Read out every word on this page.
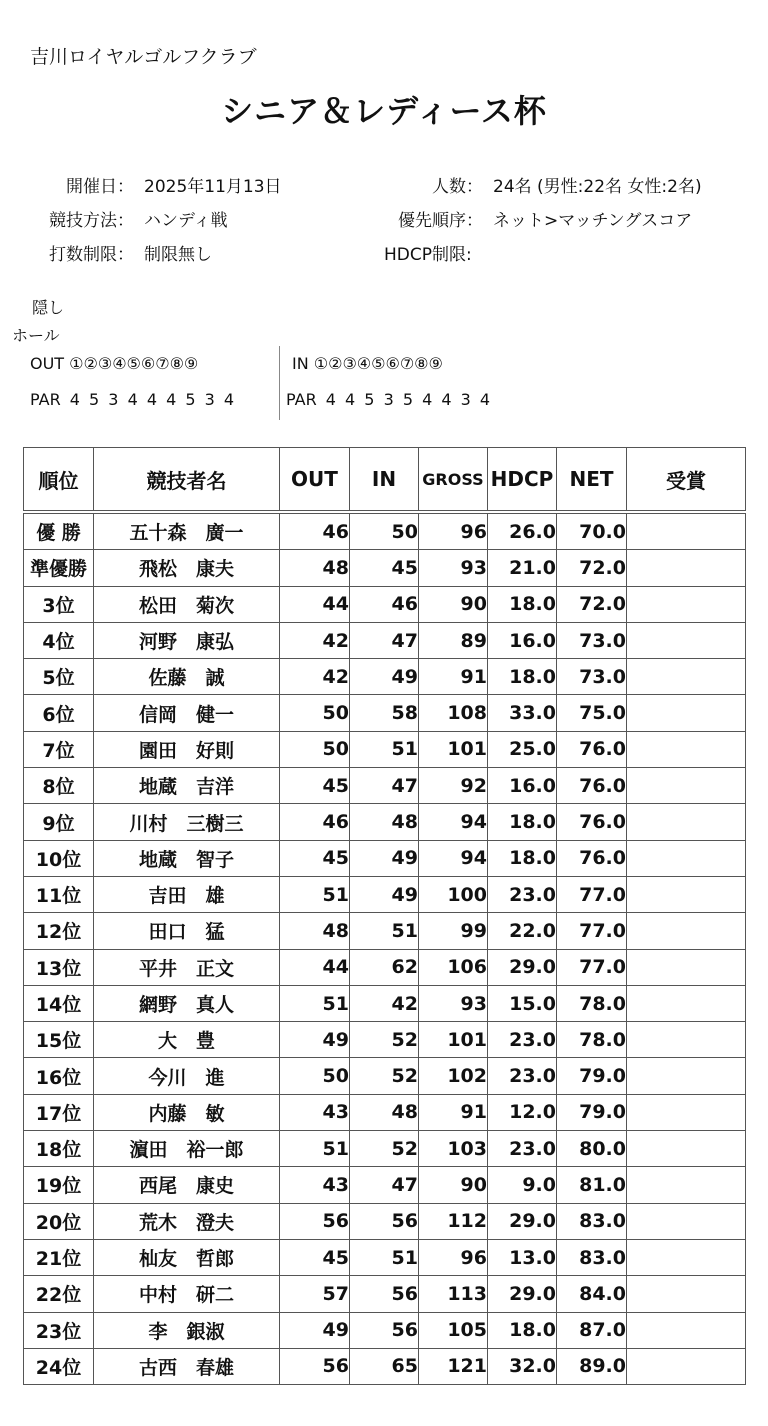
吉川ロイヤルゴルフクラブ
シニア＆レディース杯
開催日： 2025年11月13日	人数： 24名 (男性:22名 女性:2名)
競技方法： ハンディ戦	優先順序： ネット>マッチングスコア
打数制限： 制限無し	HDCP制限:
隠し
ホール
OUT ①②③④⑤⑥⑦⑧⑨	IN ①②③④⑤⑥⑦⑧⑨
PAR 4 5 3 4 4 4 5 3 4	PAR 4 4 5 3 5 4 4 3 4
順位	競技者名	OUT	IN	GROSS	HDCP	NET	受賞
優 勝	五十森　廣一	46	50	96	26.0	70.0	
準優勝	飛松　康夫	48	45	93	21.0	72.0	
3位	松田　菊次	44	46	90	18.0	72.0	
4位	河野　康弘	42	47	89	16.0	73.0	
5位	佐藤　誠	42	49	91	18.0	73.0	
6位	信岡　健一	50	58	108	33.0	75.0	
7位	園田　好則	50	51	101	25.0	76.0	
8位	地蔵　吉洋	45	47	92	16.0	76.0	
9位	川村　三樹三	46	48	94	18.0	76.0	
10位	地蔵　智子	45	49	94	18.0	76.0	
11位	吉田　雄	51	49	100	23.0	77.0	
12位	田口　猛	48	51	99	22.0	77.0	
13位	平井　正文	44	62	106	29.0	77.0	
14位	網野　真人	51	42	93	15.0	78.0	
15位	大　豊	49	52	101	23.0	78.0	
16位	今川　進	50	52	102	23.0	79.0	
17位	内藤　敏	43	48	91	12.0	79.0	
18位	濵田　裕一郎	51	52	103	23.0	80.0	
19位	西尾　康史	43	47	90	9.0	81.0	
20位	荒木　澄夫	56	56	112	29.0	83.0	
21位	杣友　哲郎	45	51	96	13.0	83.0	
22位	中村　研二	57	56	113	29.0	84.0	
23位	李　銀淑	49	56	105	18.0	87.0	
24位	古西　春雄	56	65	121	32.0	89.0	
